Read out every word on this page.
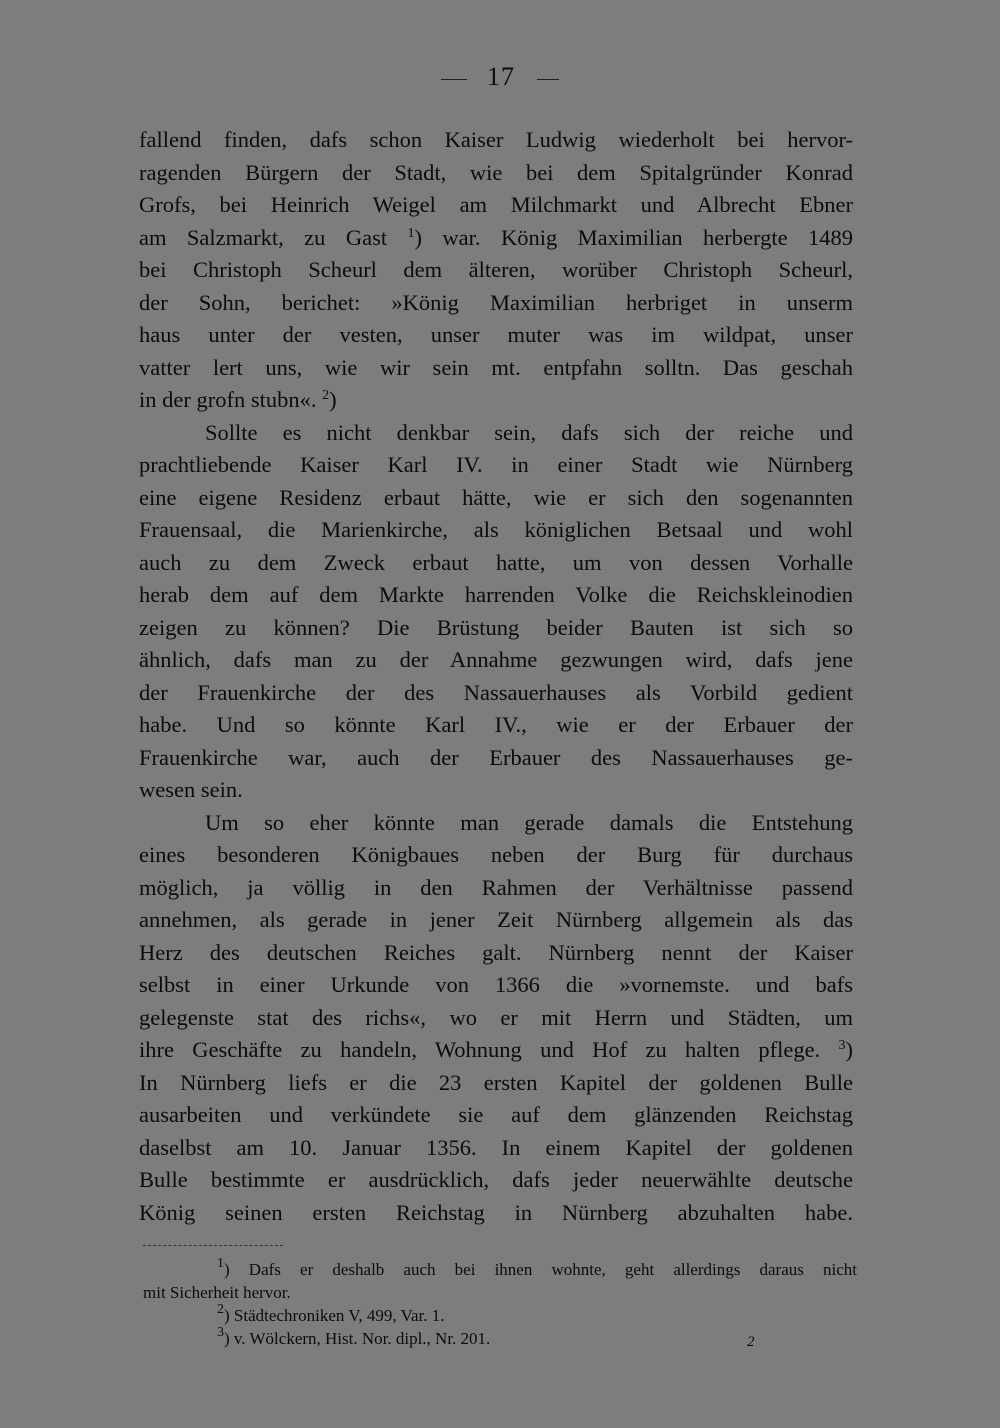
17
fallend finden, dafs schon Kaiser Ludwig wiederholt bei hervor-
ragenden Bürgern der Stadt, wie bei dem Spitalgründer Konrad
Grofs, bei Heinrich Weigel am Milchmarkt und Albrecht Ebner
am Salzmarkt, zu Gast $^1$) war. König Maximilian herbergte 1489
bei Christoph Scheurl dem älteren, worüber Christoph Scheurl,
der Sohn, berichet: »König Maximilian herbriget in unserm
haus unter der vesten, unser muter was im wildpat, unser
vatter lert uns, wie wir sein mt. entpfahn solltn. Das geschah
in der grofn stubn«. $^2$)
Sollte es nicht denkbar sein, dafs sich der reiche und
prachtliebende Kaiser Karl IV. in einer Stadt wie Nürnberg
eine eigene Residenz erbaut hätte, wie er sich den sogenannten
Frauensaal, die Marienkirche, als königlichen Betsaal und wohl
auch zu dem Zweck erbaut hatte, um von dessen Vorhalle
herab dem auf dem Markte harrenden Volke die Reichskleinodien
zeigen zu können? Die Brüstung beider Bauten ist sich so
ähnlich, dafs man zu der Annahme gezwungen wird, dafs jene
der Frauenkirche der des Nassauerhauses als Vorbild gedient
habe. Und so könnte Karl IV., wie er der Erbauer der
Frauenkirche war, auch der Erbauer des Nassauerhauses ge-
wesen sein.
Um so eher könnte man gerade damals die Entstehung
eines besonderen Königbaues neben der Burg für durchaus
möglich, ja völlig in den Rahmen der Verhältnisse passend
annehmen, als gerade in jener Zeit Nürnberg allgemein als das
Herz des deutschen Reiches galt. Nürnberg nennt der Kaiser
selbst in einer Urkunde von 1366 die »vornemste. und bafs
gelegenste stat des richs«, wo er mit Herrn und Städten, um
ihre Geschäfte zu handeln, Wohnung und Hof zu halten pflege. $^3$)
In Nürnberg liefs er die 23 ersten Kapitel der goldenen Bulle
ausarbeiten und verkündete sie auf dem glänzenden Reichstag
daselbst am 10. Januar 1356. In einem Kapitel der goldenen
Bulle bestimmte er ausdrücklich, dafs jeder neuerwählte deutsche
König seinen ersten Reichstag in Nürnberg abzuhalten habe.
$^1$) Dafs er deshalb auch bei ihnen wohnte, geht allerdings daraus nicht
mit Sicherheit hervor.
$^2$) Städtechroniken V, 499, Var. 1.
$^3$) v. Wölckern, Hist. Nor. dipl., Nr. 201.	2
